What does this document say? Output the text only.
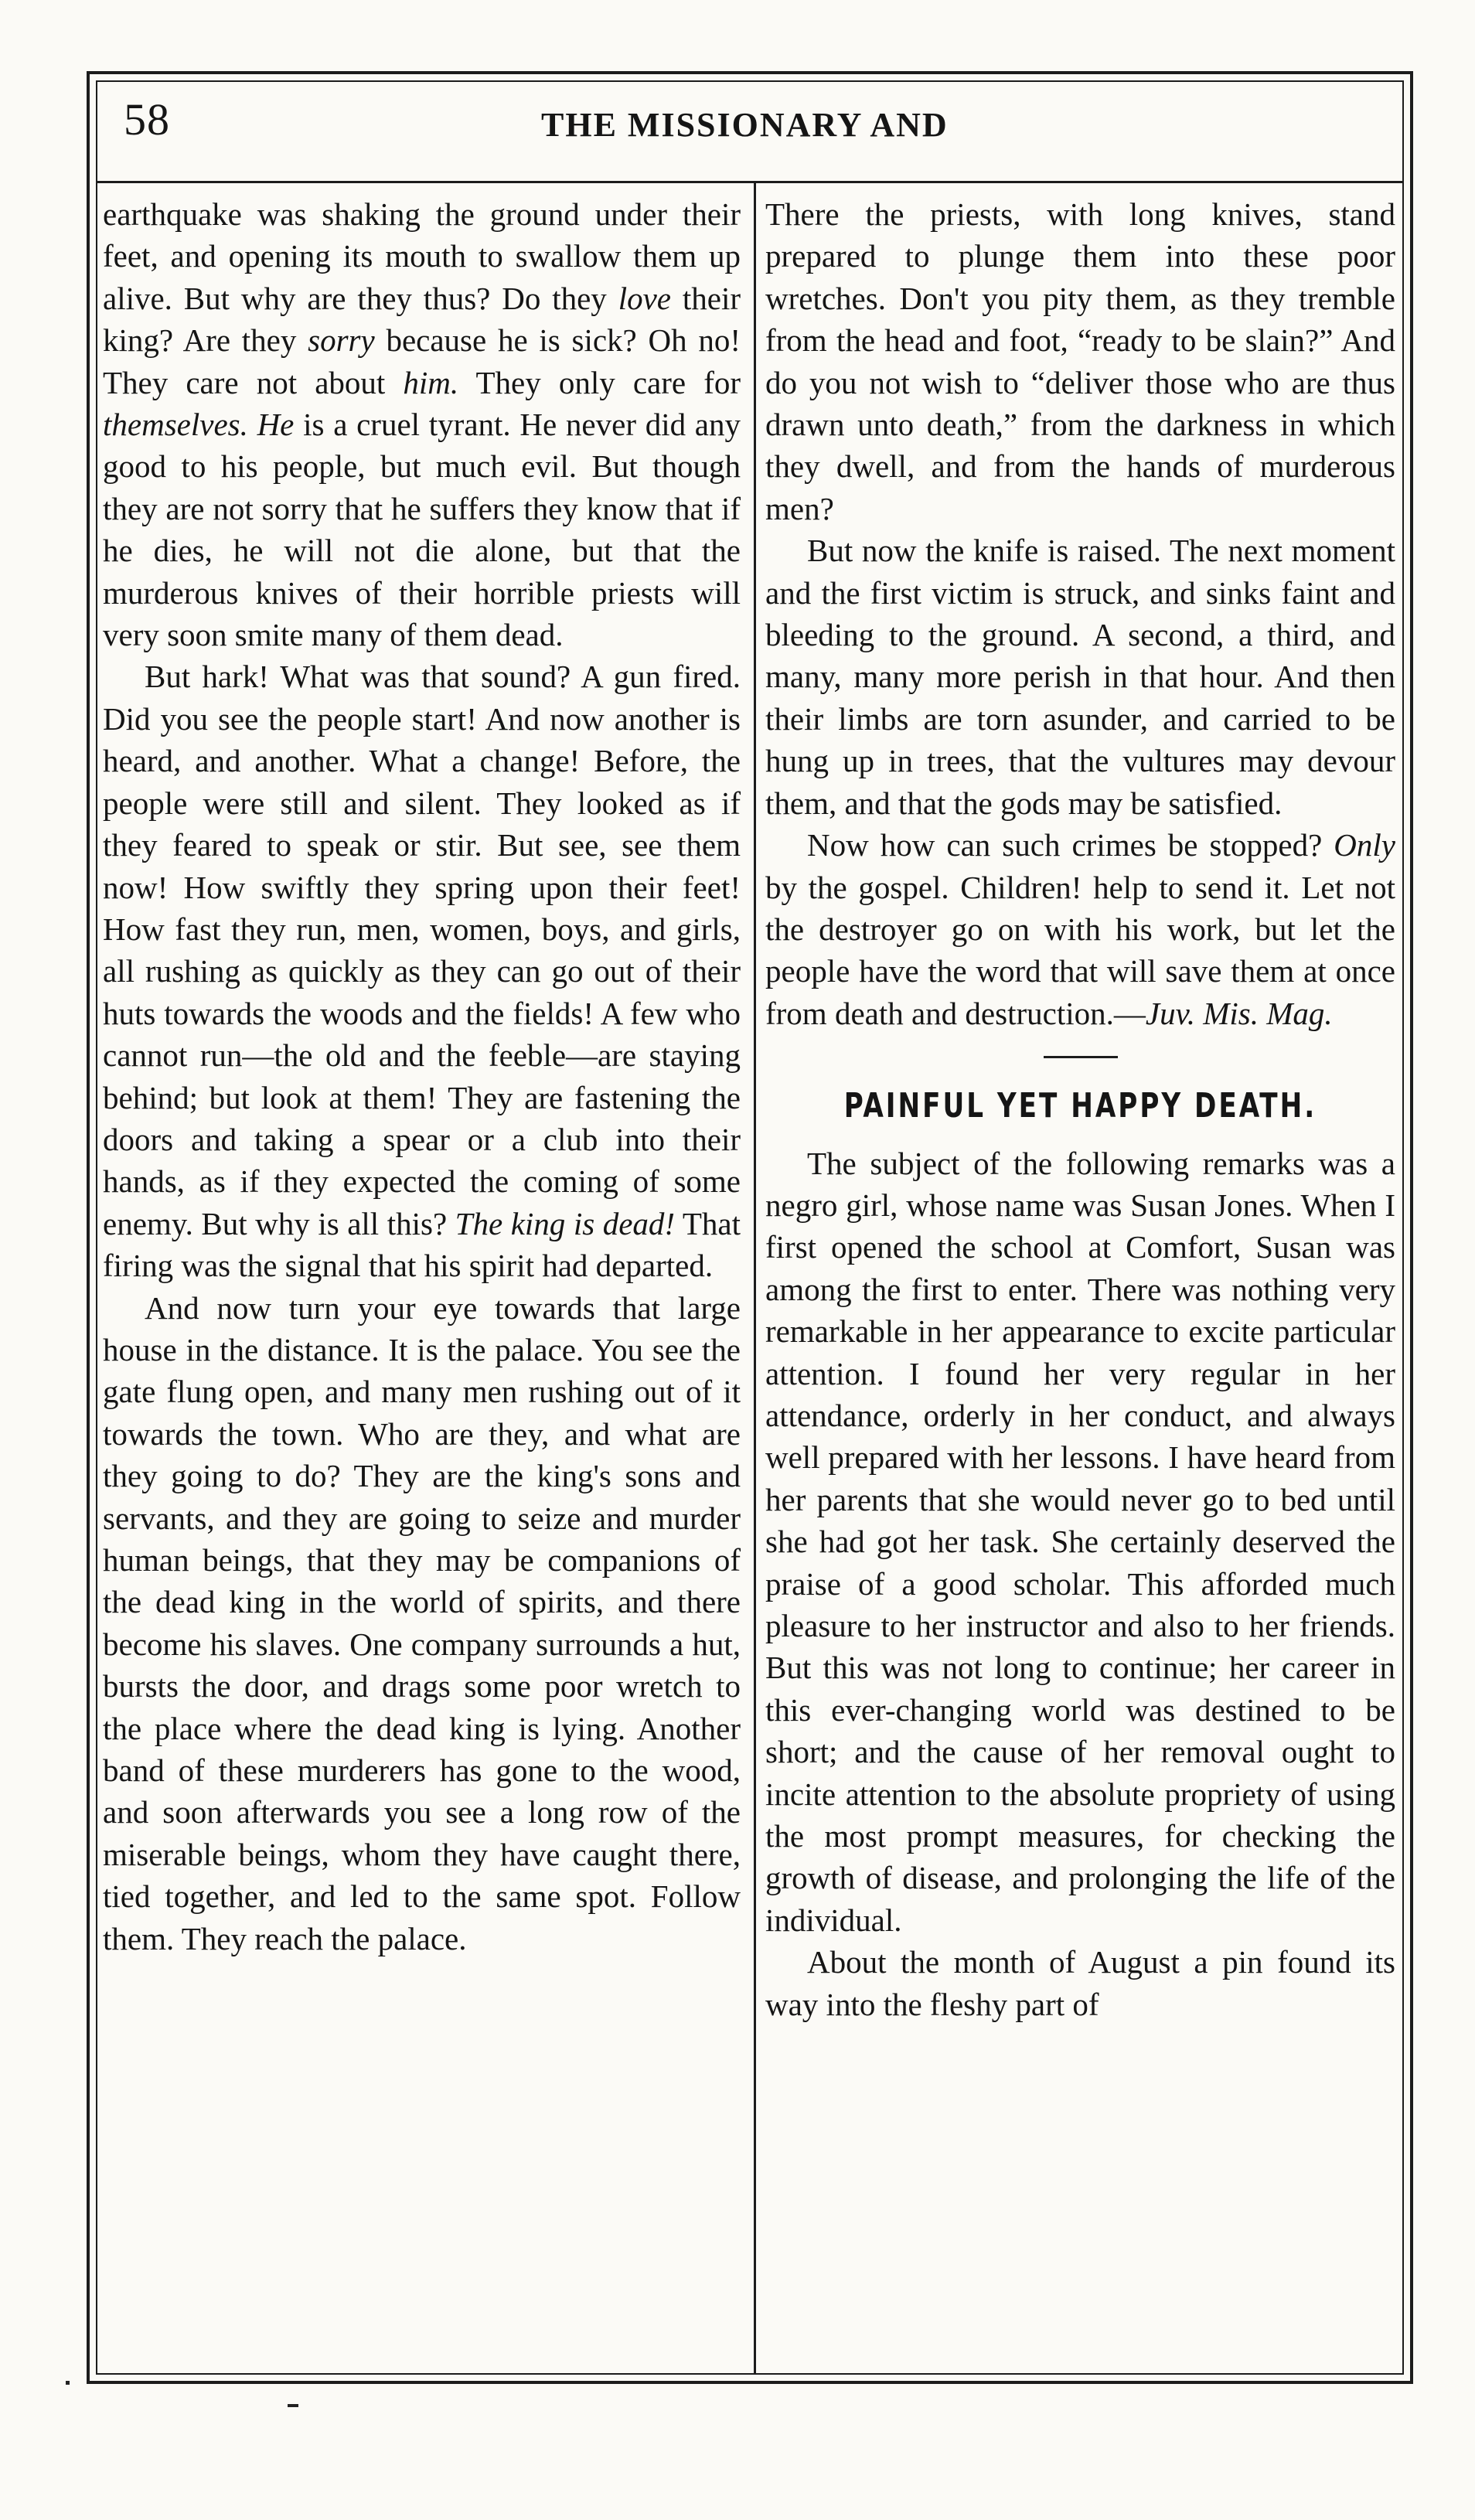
58	THE MISSIONARY AND

earthquake was shaking the ground under their feet, and opening its mouth to swallow them up alive. But why are they thus? Do they love their king? Are they sorry because he is sick? Oh no! They care not about him. They only care for themselves. He is a cruel tyrant. He never did any good to his people, but much evil. But though they are not sorry that he suffers they know that if he dies, he will not die alone, but that the murderous knives of their horrible priests will very soon smite many of them dead.

But hark! What was that sound? A gun fired. Did you see the people start! And now another is heard, and another. What a change! Before, the people were still and silent. They looked as if they feared to speak or stir. But see, see them now! How swiftly they spring upon their feet! How fast they run, men, women, boys, and girls, all rushing as quickly as they can go out of their huts towards the woods and the fields! A few who cannot run—the old and the feeble—are staying behind; but look at them! They are fastening the doors and taking a spear or a club into their hands, as if they expected the coming of some enemy. But why is all this? The king is dead! That firing was the signal that his spirit had departed.

And now turn your eye towards that large house in the distance. It is the palace. You see the gate flung open, and many men rushing out of it towards the town. Who are they, and what are they going to do? They are the king's sons and servants, and they are going to seize and murder human beings, that they may be companions of the dead king in the world of spirits, and there become his slaves. One company surrounds a hut, bursts the door, and drags some poor wretch to the place where the dead king is lying. Another band of these murderers has gone to the wood, and soon afterwards you see a long row of the miserable beings, whom they have caught there, tied together, and led to the same spot. Follow them. They reach the palace.

There the priests, with long knives, stand prepared to plunge them into these poor wretches. Don't you pity them, as they tremble from the head and foot, “ready to be slain?” And do you not wish to “deliver those who are thus drawn unto death,” from the darkness in which they dwell, and from the hands of murderous men?

But now the knife is raised. The next moment and the first victim is struck, and sinks faint and bleeding to the ground. A second, a third, and many, many more perish in that hour. And then their limbs are torn asunder, and carried to be hung up in trees, that the vultures may devour them, and that the gods may be satisfied.

Now how can such crimes be stopped? Only by the gospel. Children! help to send it. Let not the destroyer go on with his work, but let the people have the word that will save them at once from death and destruction.—Juv. Mis. Mag.

PAINFUL YET HAPPY DEATH.

The subject of the following remarks was a negro girl, whose name was Susan Jones. When I first opened the school at Comfort, Susan was among the first to enter. There was nothing very remarkable in her appearance to excite particular attention. I found her very regular in her attendance, orderly in her conduct, and always well prepared with her lessons. I have heard from her parents that she would never go to bed until she had got her task. She certainly deserved the praise of a good scholar. This afforded much pleasure to her instructor and also to her friends. But this was not long to continue; her career in this ever-changing world was destined to be short; and the cause of her removal ought to incite attention to the absolute propriety of using the most prompt measures, for checking the growth of disease, and prolonging the life of the individual.

About the month of August a pin found its way into the fleshy part of
